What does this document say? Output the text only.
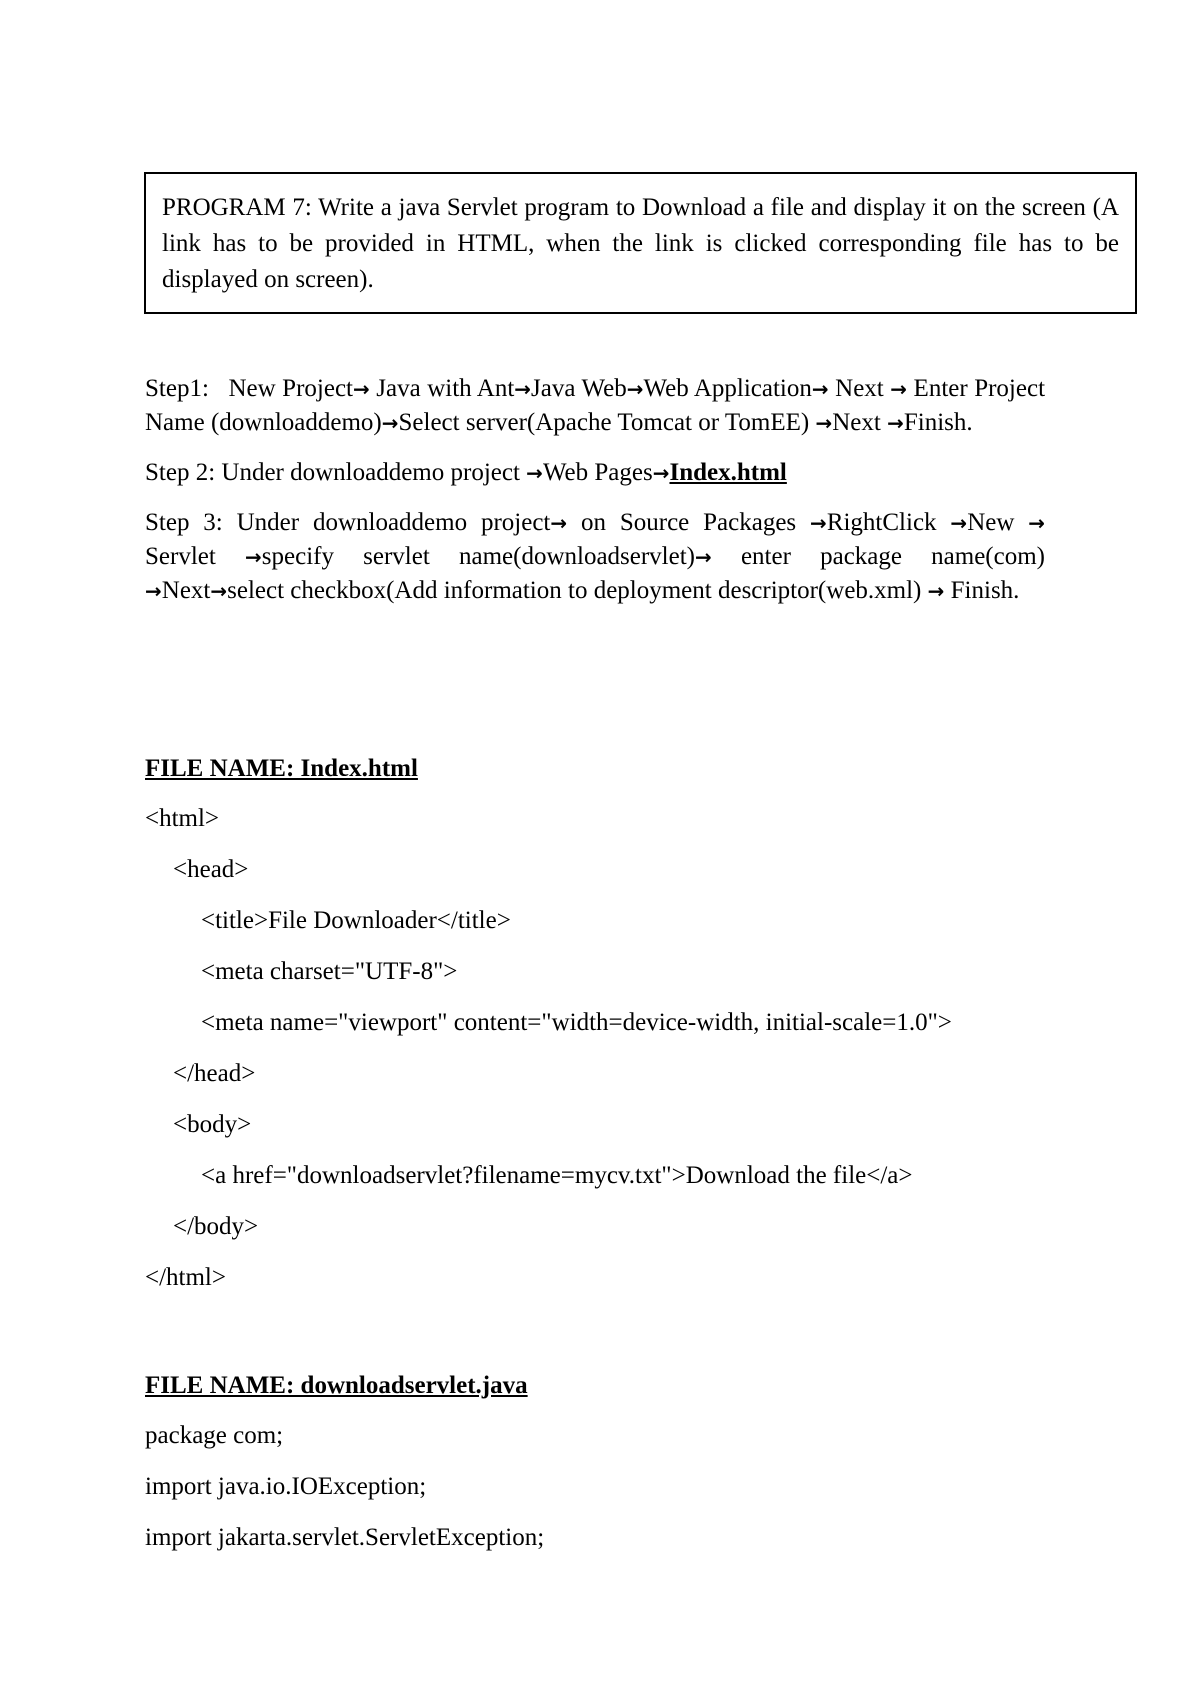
PROGRAM 7: Write a java Servlet program to Download a file and display it on the screen (A link has to be provided in HTML, when the link is clicked corresponding file has to be displayed on screen).

Step1: New Project→ Java with Ant→Java Web→Web Application→ Next → Enter Project Name (downloaddemo)→Select server(Apache Tomcat or TomEE) →Next →Finish.

Step 2: Under downloaddemo project →Web Pages→Index.html

Step 3: Under downloaddemo project→ on Source Packages →RightClick →New → Servlet →specify servlet name(downloadservlet)→ enter package name(com) →Next→select checkbox(Add information to deployment descriptor(web.xml) → Finish.

FILE NAME: Index.html
<html>
<head>
<title>File Downloader</title>
<meta charset="UTF-8">
<meta name="viewport" content="width=device-width, initial-scale=1.0">
</head>
<body>
<a href="downloadservlet?filename=mycv.txt">Download the file</a>
</body>
</html>
FILE NAME: downloadservlet.java
package com;
import java.io.IOException;
import jakarta.servlet.ServletException;
